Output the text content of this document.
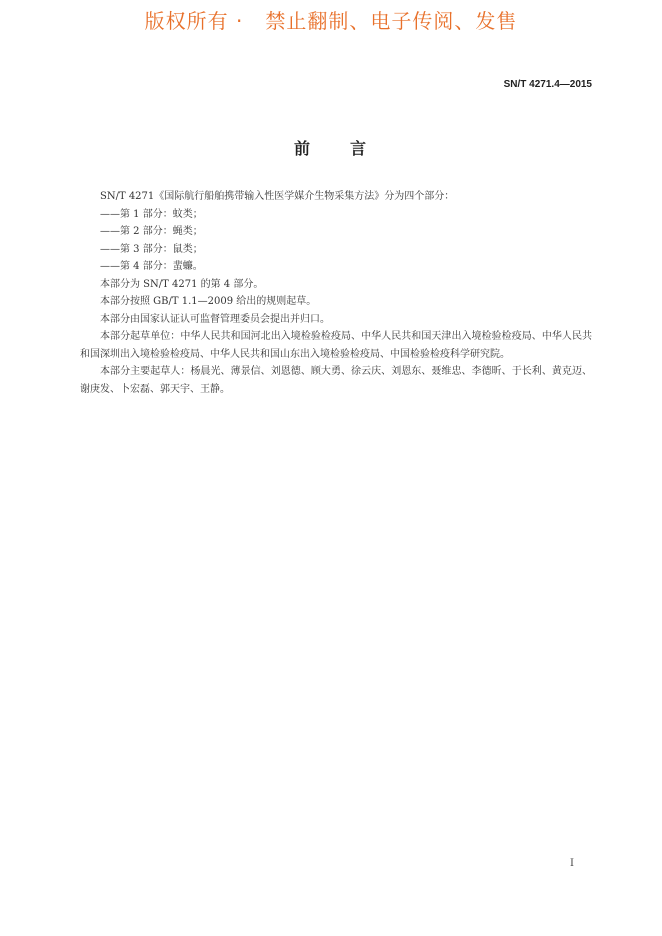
版权所有 ·   禁止翻制、电子传阅、发售
SN/T 4271.4—2015
前 言

SN/T 4271《国际航行船舶携带输入性医学媒介生物采集方法》分为四个部分：

——第 1 部分：蚊类；

——第 2 部分：蝇类；

——第 3 部分：鼠类；

——第 4 部分：蜚蠊。

本部分为 SN/T 4271 的第 4 部分。

本部分按照 GB/T 1.1—2009 给出的规则起草。

本部分由国家认证认可监督管理委员会提出并归口。

本部分起草单位：中华人民共和国河北出入境检验检疫局、中华人民共和国天津出入境检验检疫局、中华人民共和国深圳出入境检验检疫局、中华人民共和国山东出入境检验检疫局、中国检验检疫科学研究院。

本部分主要起草人：杨晨光、薄景信、刘恩德、顾大勇、徐云庆、刘恩东、聂维忠、李德昕、于长利、黄克迈、谢庚发、卜宏磊、郭天宇、王静。

I
